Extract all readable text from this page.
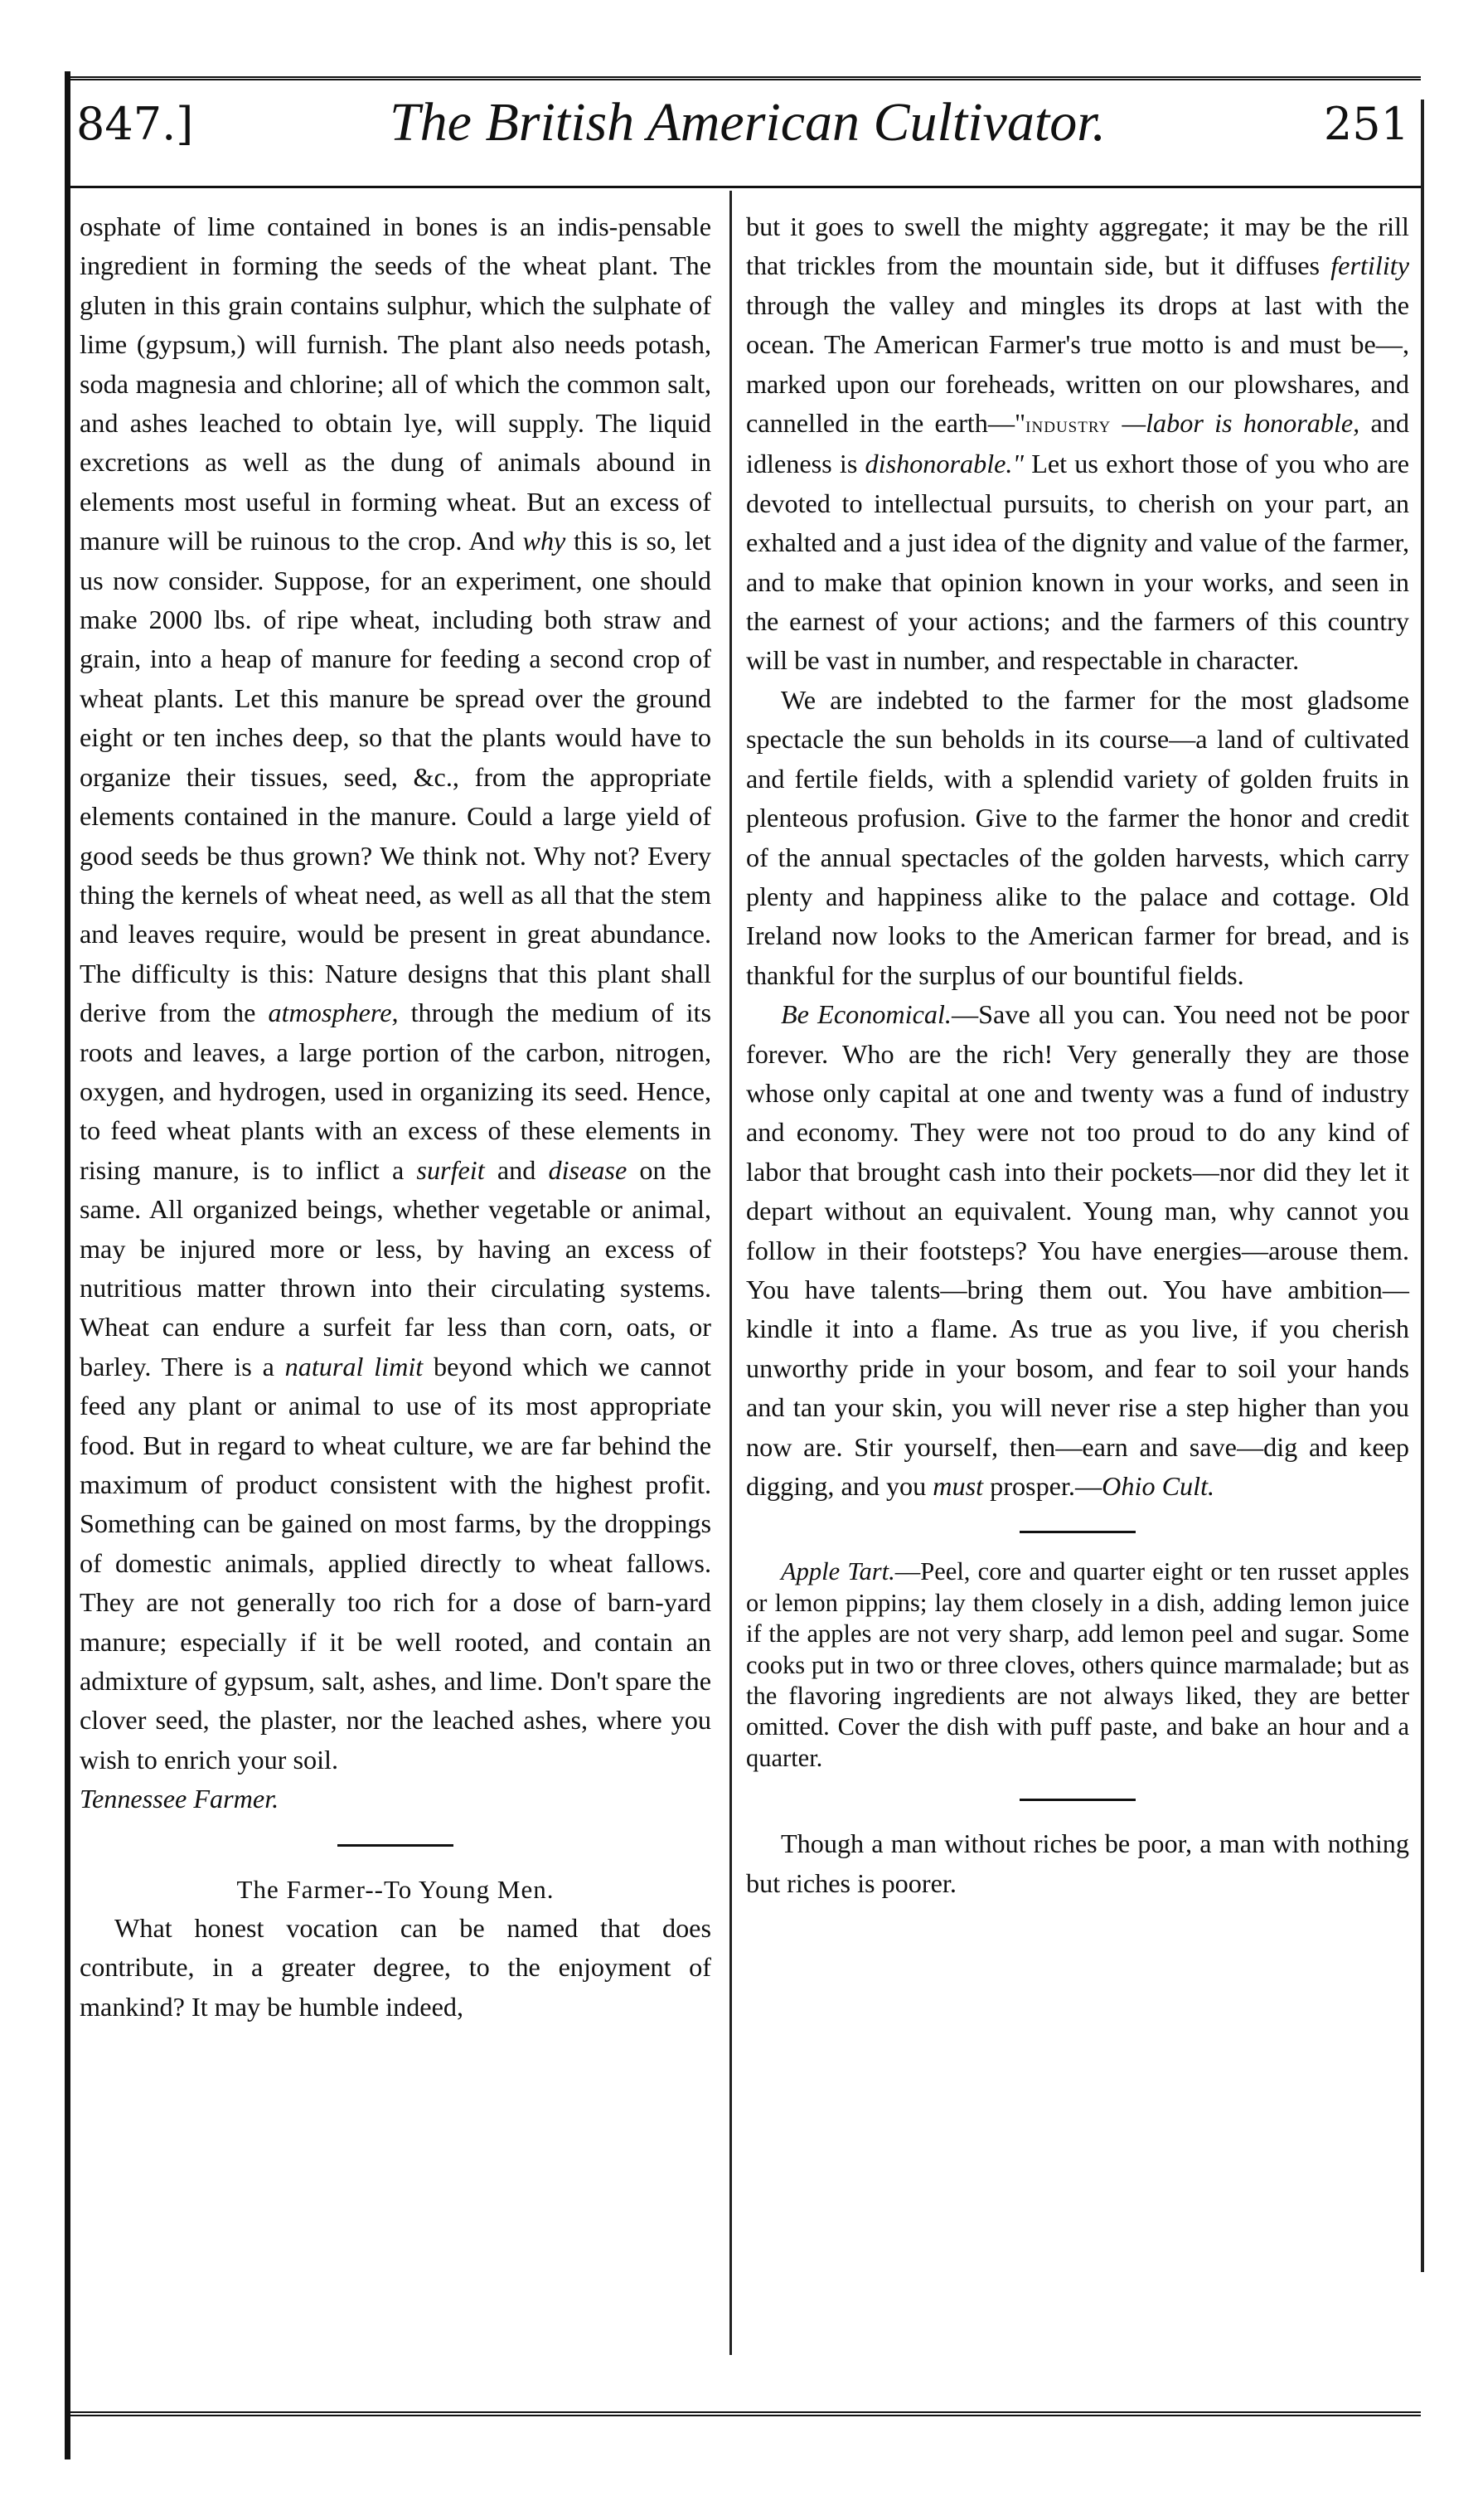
847.]	The British American Cultivator.	251

osphate of lime contained in bones is an indis-pensable ingredient in forming the seeds of the wheat plant. The gluten in this grain contains sulphur, which the sulphate of lime (gypsum,) will furnish. The plant also needs potash, soda magnesia and chlorine; all of which the common salt, and ashes leached to obtain lye, will supply. The liquid excretions as well as the dung of animals abound in elements most useful in forming wheat. But an excess of manure will be ruinous to the crop. And why this is so, let us now consider. Suppose, for an experiment, one should make 2000 lbs. of ripe wheat, including both straw and grain, into a heap of manure for feeding a second crop of wheat plants. Let this manure be spread over the ground eight or ten inches deep, so that the plants would have to organize their tissues, seed, &c., from the appropriate elements contained in the manure. Could a large yield of good seeds be thus grown? We think not. Why not? Every thing the kernels of wheat need, as well as all that the stem and leaves require, would be present in great abundance. The difficulty is this: Nature designs that this plant shall derive from the atmosphere, through the medium of its roots and leaves, a large portion of the carbon, nitrogen, oxygen, and hydrogen, used in organizing its seed. Hence, to feed wheat plants with an excess of these elements in rising manure, is to inflict a surfeit and disease on the same. All organized beings, whether vegetable or animal, may be injured more or less, by having an excess of nutritious matter thrown into their circulating systems. Wheat can endure a surfeit far less than corn, oats, or barley. There is a natural limit beyond which we cannot feed any plant or animal to use of its most appropriate food. But in regard to wheat culture, we are far behind the maximum of product consistent with the highest profit. Something can be gained on most farms, by the droppings of domestic animals, applied directly to wheat fallows. They are not generally too rich for a dose of barn-yard manure; especially if it be well rooted, and contain an admixture of gypsum, salt, ashes, and lime. Don't spare the clover seed, the plaster, nor the leached ashes, where you wish to enrich your soil.

Tennessee Farmer.

The Farmer--To Young Men.

What honest vocation can be named that does contribute, in a greater degree, to the enjoyment of mankind? It may be humble indeed,

but it goes to swell the mighty aggregate; it may be the rill that trickles from the mountain side, but it diffuses fertility through the valley and mingles its drops at last with the ocean. The American Farmer's true motto is and must be—, marked upon our foreheads, written on our plowshares, and cannelled in the earth—"industry —labor is honorable, and idleness is dishonorable." Let us exhort those of you who are devoted to intellectual pursuits, to cherish on your part, an exhalted and a just idea of the dignity and value of the farmer, and to make that opinion known in your works, and seen in the earnest of your actions; and the farmers of this country will be vast in number, and respectable in character.

We are indebted to the farmer for the most gladsome spectacle the sun beholds in its course—a land of cultivated and fertile fields, with a splendid variety of golden fruits in plenteous profusion. Give to the farmer the honor and credit of the annual spectacles of the golden harvests, which carry plenty and happiness alike to the palace and cottage. Old Ireland now looks to the American farmer for bread, and is thankful for the surplus of our bountiful fields.

Be Economical.—Save all you can. You need not be poor forever. Who are the rich! Very generally they are those whose only capital at one and twenty was a fund of industry and economy. They were not too proud to do any kind of labor that brought cash into their pockets—nor did they let it depart without an equivalent. Young man, why cannot you follow in their footsteps? You have energies—arouse them. You have talents—bring them out. You have ambition—kindle it into a flame. As true as you live, if you cherish unworthy pride in your bosom, and fear to soil your hands and tan your skin, you will never rise a step higher than you now are. Stir yourself, then—earn and save—dig and keep digging, and you must prosper.—Ohio Cult.

Apple Tart.—Peel, core and quarter eight or ten russet apples or lemon pippins; lay them closely in a dish, adding lemon juice if the apples are not very sharp, add lemon peel and sugar. Some cooks put in two or three cloves, others quince marmalade; but as the flavoring ingredients are not always liked, they are better omitted. Cover the dish with puff paste, and bake an hour and a quarter.

Though a man without riches be poor, a man with nothing but riches is poorer.
